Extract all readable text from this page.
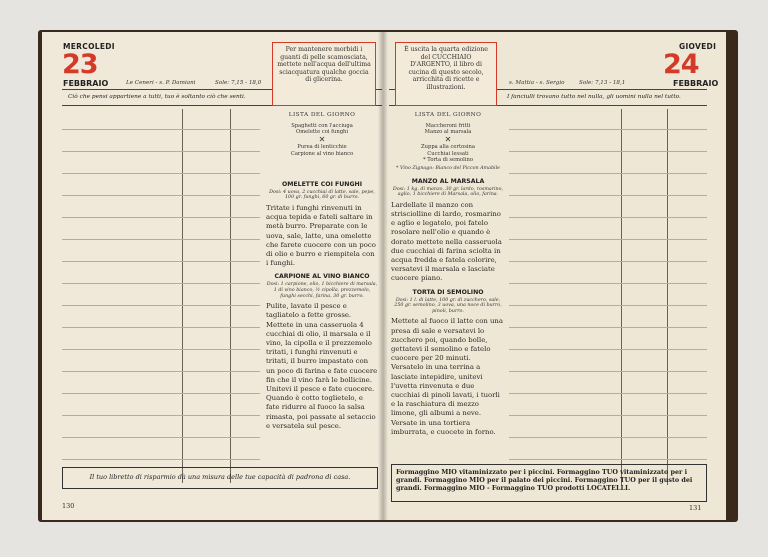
MERCOLEDI
23
FEBBRAIO	Le Ceneri - s. P. Damiani	Sole: 7,15 - 18,0
Ciò che pensi appartiene a tutti, tuo è soltanto ciò che senti.
Per mantenere morbidi i guanti di pelle scamosciata, mettete nell'acqua dell'ultima sciacquatura qualche goccia di glicerina.
LISTA DEL GIORNO
Spaghetti con l'acciuga
Omelette coi funghi
✕
Purea di lenticchie
Carpione al vino bianco
OMELETTE COI FUNGHI
Dosi: 4 uova, 2 cucchiai di latte, sale, pepe, 100 gr. funghi, 60 gr. di burro.
Tritate i funghi rinvenuti in acqua tepida e fateli saltare in metà burro. Preparate con le uova, sale, latte, una omelette che farete cuocere con un poco di olio e burro e riempitela con i funghi.
CARPIONE AL VINO BIANCO
Dosi: 1 carpione, olio, 1 bicchiere di marsala, 1 di vino bianco, ½ cipolla, prezzemolo, funghi secchi, farina, 30 gr. burro.
Pulite, lavate il pesce e tagliatelo a fette grosse. Mettete in una casseruola 4 cucchiai di olio, il marsala e il vino, la cipolla e il prezzemolo tritati, i funghi rinvenuti e tritati, il burro impastato con un poco di farina e fate cuocere fin che il vino farà le bollicine. Unitevi il pesce e fate cuocere. Quando è cotto toglietelo, e fate ridurre al fuoco la salsa rimasta, poi passate al setaccio e versatela sul pesce.
Il tuo libretto di risparmio dà una misura delle tue capacità di padrona di casa.
130
GIOVEDI
24
FEBBRAIO
s. Mattia - s. Sergio	Sole: 7,13 - 18,1
I fanciulli trovano tutto nel nulla, gli uomini nulla nel tutto.
È uscita la quarta edizione del CUCCHIAIO D'ARGENTO, il libro di cucina di questo secolo, arricchita di ricette e illustrazioni.
LISTA DEL GIORNO
Maccheroni fritti
Manzo al marsala
✕
Zuppa alla certosina
Cucchiai lessati
* Torta di semolino
* Vino Zignago: Bianco del Piccon Amabile
MANZO AL MARSALA
Dosi: 1 kg. di manzo, 30 gr. lardo, rosmarino, aglio, 1 bicchiere di Marsala, olio, farina.
Lardellate il manzo con strisciolline di lardo, rosmarino e aglio e legatelo, poi fatelo rosolare nell'olio e quando è dorato mettete nella casseruola due cucchiai di farina sciolta in acqua fredda e fatela colorire, versatevi il marsala e lasciate cuocere piano.
TORTA DI SEMOLINO
Dosi: 1 l. di latte, 100 gr. di zucchero, sale, 250 gr. semolino, 3 uova, una noce di burro, pinoli, burro.
Mettete al fuoco il latte con una presa di sale e versatevi lo zucchero poi, quando bolle, gettatevi il semolino e fatelo cuocere per 20 minuti. Versatelo in una terrina a lasciate intepidire, unitevi l'uvetta rinvenuta e due cucchiai di pinoli lavati, i tuorli e la raschiatura di mezzo limone, gli albumi a neve. Versate in una tortiera imburrata, e cuocete in forno.
Formaggino MIO vitaminizzato per i piccini. Formaggino TUO vitaminizzato per i grandi. Formaggino MIO per il palato dei piccini. Formaggino TUO per il gusto dei grandi. Formaggino MIO - Formaggino TUO prodotti LOCATELLI.
131
